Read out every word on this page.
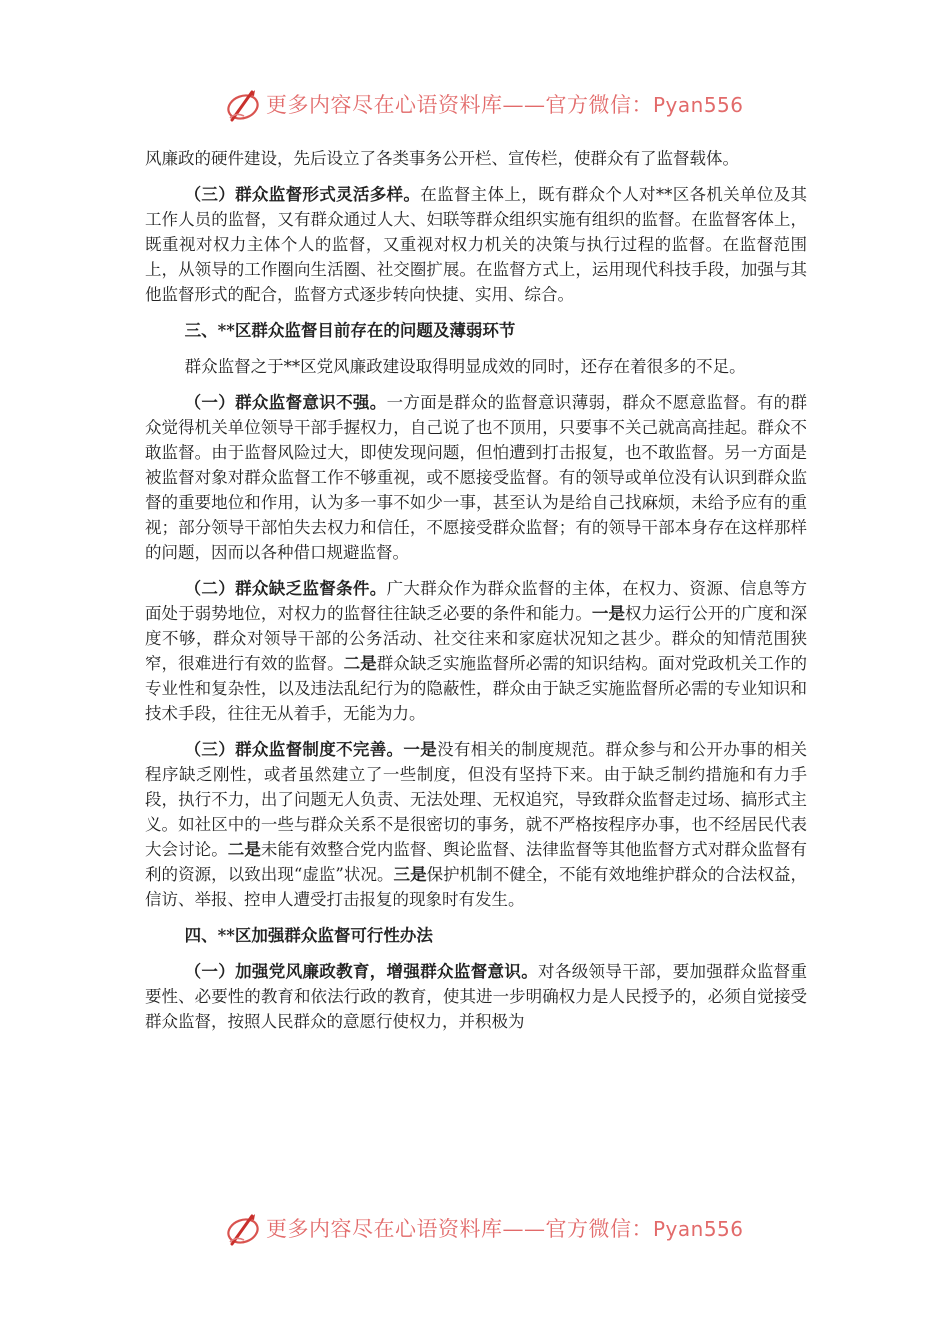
更多内容尽在心语资料库——官方微信：Pyan556

风廉政的硬件建设，先后设立了各类事务公开栏、宣传栏，使群众有了监督载体。

（三）群众监督形式灵活多样。在监督主体上，既有群众个人对**区各机关单位及其工作人员的监督，又有群众通过人大、妇联等群众组织实施有组织的监督。在监督客体上，既重视对权力主体个人的监督，又重视对权力机关的决策与执行过程的监督。在监督范围上，从领导的工作圈向生活圈、社交圈扩展。在监督方式上，运用现代科技手段，加强与其他监督形式的配合，监督方式逐步转向快捷、实用、综合。

三、**区群众监督目前存在的问题及薄弱环节

群众监督之于**区党风廉政建设取得明显成效的同时，还存在着很多的不足。

（一）群众监督意识不强。一方面是群众的监督意识薄弱，群众不愿意监督。有的群众觉得机关单位领导干部手握权力，自己说了也不顶用，只要事不关己就高高挂起。群众不敢监督。由于监督风险过大，即使发现问题，但怕遭到打击报复，也不敢监督。另一方面是被监督对象对群众监督工作不够重视，或不愿接受监督。有的领导或单位没有认识到群众监督的重要地位和作用，认为多一事不如少一事，甚至认为是给自己找麻烦，未给予应有的重视；部分领导干部怕失去权力和信任，不愿接受群众监督；有的领导干部本身存在这样那样的问题，因而以各种借口规避监督。

（二）群众缺乏监督条件。广大群众作为群众监督的主体，在权力、资源、信息等方面处于弱势地位，对权力的监督往往缺乏必要的条件和能力。一是权力运行公开的广度和深度不够，群众对领导干部的公务活动、社交往来和家庭状况知之甚少。群众的知情范围狭窄，很难进行有效的监督。二是群众缺乏实施监督所必需的知识结构。面对党政机关工作的专业性和复杂性，以及违法乱纪行为的隐蔽性，群众由于缺乏实施监督所必需的专业知识和技术手段，往往无从着手，无能为力。

（三）群众监督制度不完善。一是没有相关的制度规范。群众参与和公开办事的相关程序缺乏刚性，或者虽然建立了一些制度，但没有坚持下来。由于缺乏制约措施和有力手段，执行不力，出了问题无人负责、无法处理、无权追究，导致群众监督走过场、搞形式主义。如社区中的一些与群众关系不是很密切的事务，就不严格按程序办事，也不经居民代表大会讨论。二是未能有效整合党内监督、舆论监督、法律监督等其他监督方式对群众监督有利的资源，以致出现“虚监”状况。三是保护机制不健全，不能有效地维护群众的合法权益，信访、举报、控申人遭受打击报复的现象时有发生。

四、**区加强群众监督可行性办法

（一）加强党风廉政教育，增强群众监督意识。对各级领导干部，要加强群众监督重要性、必要性的教育和依法行政的教育，使其进一步明确权力是人民授予的，必须自觉接受群众监督，按照人民群众的意愿行使权力，并积极为

更多内容尽在心语资料库——官方微信：Pyan556
